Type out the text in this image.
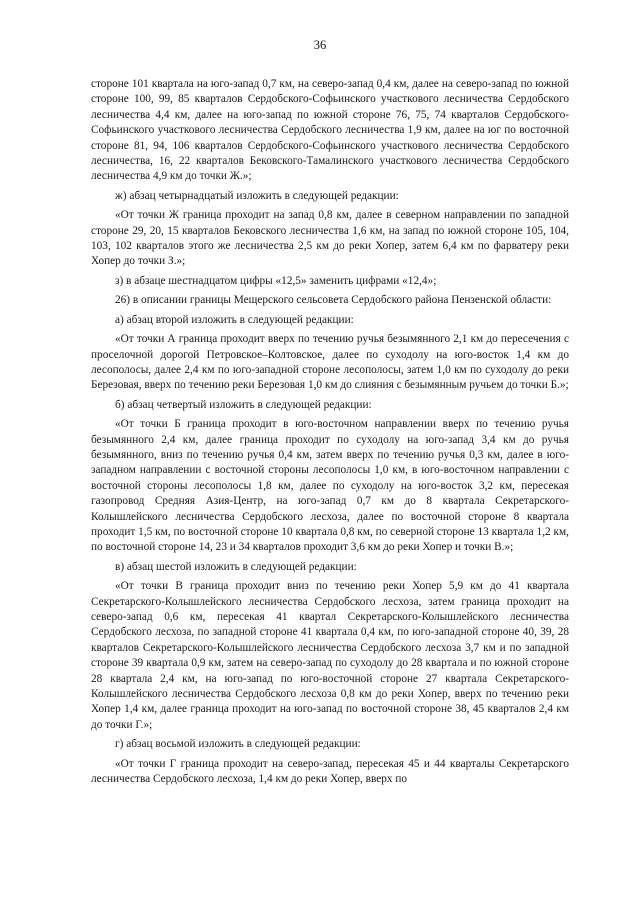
36

стороне 101 квартала на юго-запад 0,7 км, на северо-запад 0,4 км, далее на северо-запад по южной стороне 100, 99, 85 кварталов Сердобского-Софьинского участкового лесничества Сердобского лесничества 4,4 км, далее на юго-запад по южной стороне 76, 75, 74 кварталов Сердобского-Софьинского участкового лесничества Сердобского лесничества 1,9 км, далее на юг по восточной стороне 81, 94, 106 кварталов Сердобского-Софьинского участкового лесничества Сердобского лесничества, 16, 22 кварталов Бековского-Тамалинского участкового лесничества Сердобского лесничества 4,9 км до точки Ж.»;

ж) абзац четырнадцатый изложить в следующей редакции:

«От точки Ж граница проходит на запад 0,8 км, далее в северном направлении по западной стороне 29, 20, 15 кварталов Бековского лесничества 1,6 км, на запад по южной стороне 105, 104, 103, 102 кварталов этого же лесничества 2,5 км до реки Хопер, затем 6,4 км по фарватеру реки Хопер до точки З.»;

з) в абзаце шестнадцатом цифры «12,5» заменить цифрами «12,4»;

26) в описании границы Мещерского сельсовета Сердобского района Пензенской области:

а) абзац второй изложить в следующей редакции:

«От точки А граница проходит вверх по течению ручья безымянного 2,1 км до пересечения с проселочной дорогой Петровское–Колтовское, далее по суходолу на юго-восток 1,4 км до лесополосы, далее 2,4 км по юго-западной стороне лесополосы, затем 1,0 км по суходолу до реки Березовая, вверх по течению реки Березовая 1,0 км до слияния с безымянным ручьем до точки Б.»;

б) абзац четвертый изложить в следующей редакции:

«От точки Б граница проходит в юго-восточном направлении вверх по течению ручья безымянного 2,4 км, далее граница проходит по суходолу на юго-запад 3,4 км до ручья безымянного, вниз по течению ручья 0,4 км, затем вверх по течению ручья 0,3 км, далее в юго-западном направлении с восточной стороны лесополосы 1,0 км, в юго-восточном направлении с восточной стороны лесополосы 1,8 км, далее по суходолу на юго-восток 3,2 км, пересекая газопровод Средняя Азия-Центр, на юго-запад 0,7 км до 8 квартала Секретарского-Колышлейского лесничества Сердобского лесхоза, далее по восточной стороне 8 квартала проходит 1,5 км, по восточной стороне 10 квартала 0,8 км, по северной стороне 13 квартала 1,2 км, по восточной стороне 14, 23 и 34 кварталов проходит 3,6 км до реки Хопер и точки В.»;

в) абзац шестой изложить в следующей редакции:

«От точки В граница проходит вниз по течению реки Хопер 5,9 км до 41 квартала Секретарского-Колышлейского лесничества Сердобского лесхоза, затем граница проходит на северо-запад 0,6 км, пересекая 41 квартал Секретарского-Колышлейского лесничества Сердобского лесхоза, по западной стороне 41 квартала 0,4 км, по юго-западной стороне 40, 39, 28 кварталов Секретарского-Колышлейского лесничества Сердобского лесхоза 3,7 км и по западной стороне 39 квартала 0,9 км, затем на северо-запад по суходолу до 28 квартала и по южной стороне 28 квартала 2,4 км, на юго-запад по юго-восточной стороне 27 квартала Секретарского-Колышлейского лесничества Сердобского лесхоза 0,8 км до реки Хопер, вверх по течению реки Хопер 1,4 км, далее граница проходит на юго-запад по восточной стороне 38, 45 кварталов 2,4 км до точки Г.»;

г) абзац восьмой изложить в следующей редакции:

«От точки Г граница проходит на северо-запад, пересекая 45 и 44 кварталы Секретарского лесничества Сердобского лесхоза, 1,4 км до реки Хопер, вверх по
